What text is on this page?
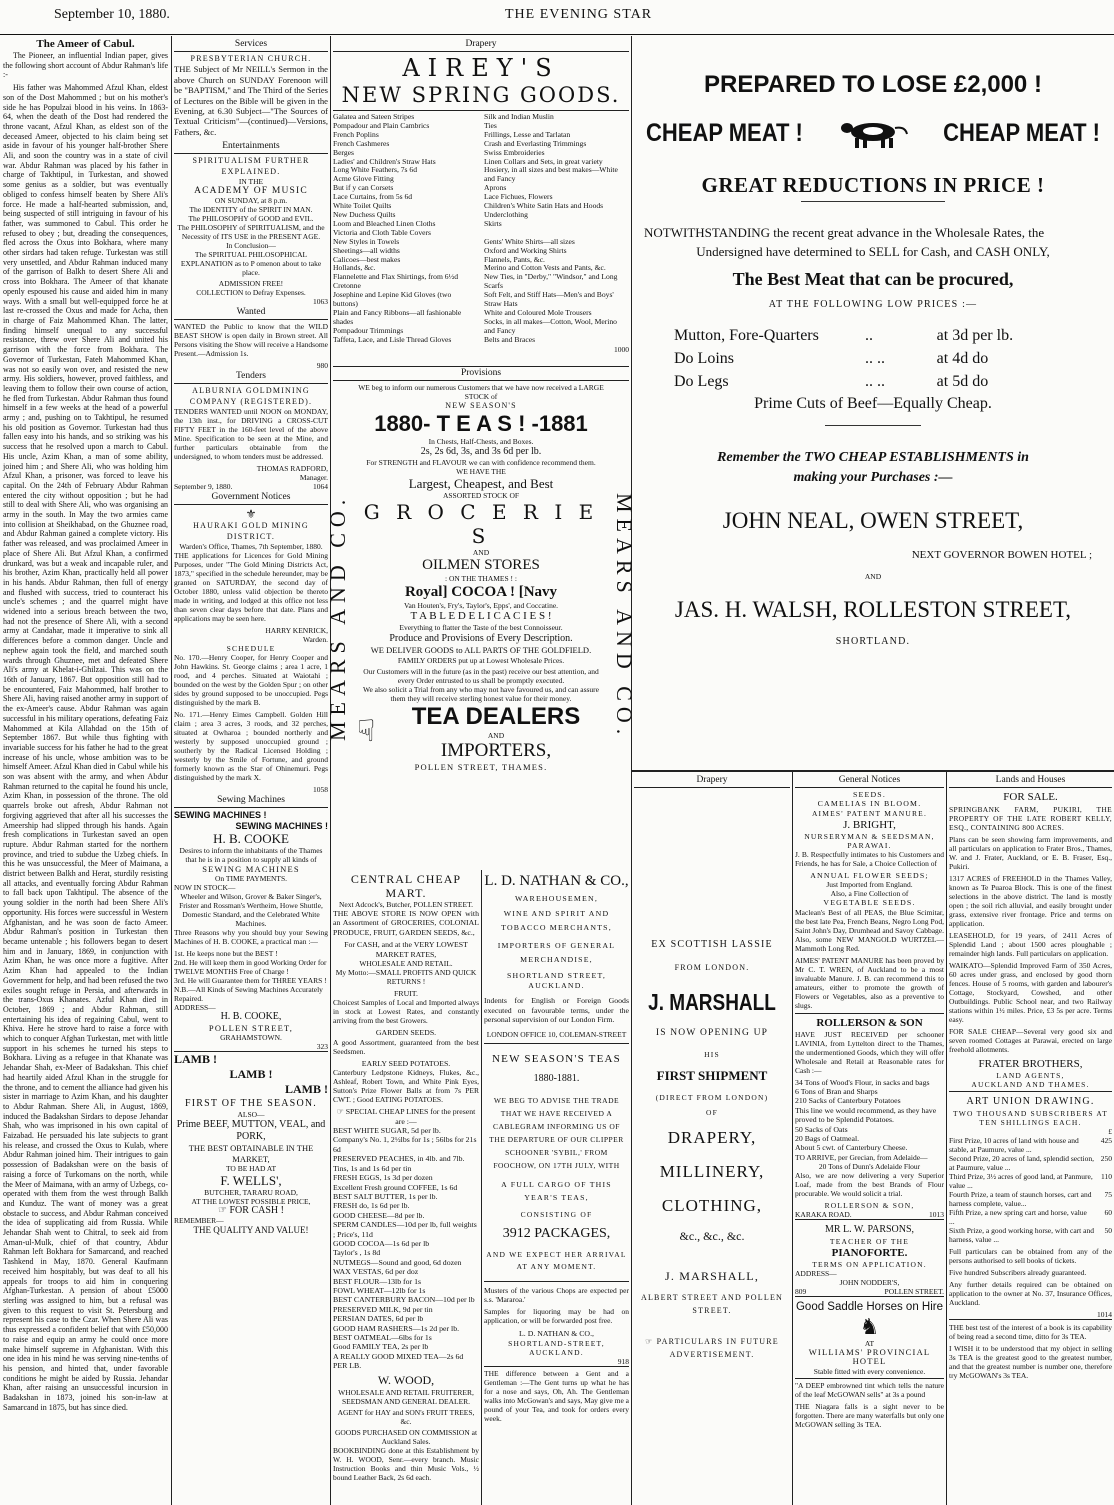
September 10, 1880.	THE EVENING STAR
The Ameer of Cabul.

The Pioneer, an influential Indian paper, gives the following short account of Abdur Rahman's life :-

His father was Mahommed Afzul Khan, eldest son of the Dost Mahommed ; but on his mother's side he has Populzai blood in his veins. In 1863-64, when the death of the Dost had rendered the throne vacant, Afzul Khan, as eldest son of the deceased Ameer, objected to his claim being set aside in favour of his younger half-brother Shere Ali, and soon the country was in a state of civil war. Abdur Rahman was placed by his father in charge of Takhtipul, in Turkestan, and showed some genius as a soldier, but was eventually obliged to confess himself beaten by Shere Ali's force. He made a half-hearted submission, and, being suspected of still intriguing in favour of his father, was summoned to Cabul. This order he refused to obey ; but, dreading the consequences, fled across the Oxus into Bokhara, where many other sirdars had taken refuge. Turkestan was still very unsettled, and Abdur Rahman induced many of the garrison of Balkh to desert Shere Ali and cross into Bokhara. The Ameer of that khanate openly espoused his cause and aided him in many ways. With a small but well-equipped force he at last re-crossed the Oxus and made for Acha, then in charge of Faiz Mahommed Khan. The latter, finding himself unequal to any successful resistance, threw over Shere Ali and united his garrison with the force from Bokhara. The Governor of Turkestan, Fateh Mahommed Khan, was not so easily won over, and resisted the new army. His soldiers, however, proved faithless, and leaving them to follow their own course of action, he fled from Turkestan. Abdur Rahman thus found himself in a few weeks at the head of a powerful army ; and, pushing on to Takhtipul, he resumed his old position as Governor. Turkestan had thus fallen easy into his hands, and so striking was his success that he resolved upon a march to Cabul. His uncle, Azim Khan, a man of some ability, joined him ; and Shere Ali, who was holding him Afzul Khan, a prisoner, was forced to leave his capital. On the 24th of February Abdur Rahman entered the city without opposition ; but he had still to deal with Shere Ali, who was organising an army in the south. In May the two armies came into collision at Sheikhabad, on the Ghuznee road, and Abdur Rahman gained a complete victory. His father was released, and was proclaimed Ameer in place of Shere Ali. But Afzul Khan, a confirmed drunkard, was but a weak and incapable ruler, and his brother, Azim Khan, practically held all power in his hands. Abdur Rahman, then full of energy and flushed with success, tried to counteract his uncle's schemes ; and the quarrel might have widened into a serious breach between the two, had not the presence of Shere Ali, with a second army at Candahar, made it imperative to sink all differences before a common danger. Uncle and nephew again took the field, and marched south wards through Ghuznee, met and defeated Shere Ali's army at Khelat-i-Ghilzai. This was on the 16th of January, 1867. But opposition still had to be encountered, Faiz Mahommed, half brother to Shere Ali, having raised another army in support of the ex-Ameer's cause. Abdur Rahman was again successful in his military operations, defeating Faiz Mahommed at Kila Allahdad on the 15th of September 1867. But while thus fighting with invariable success for his father he had to the great increase of his uncle, whose ambition was to be himself Ameer. Afzul Khan died in Cabul while his son was absent with the army, and when Abdur Rahman returned to the capital he found his uncle, Azim Khan, in possession of the throne. The old quarrels broke out afresh, Abdur Rahman not forgiving aggrieved that after all his successes the Ameership had slipped through his hands. Again fresh complications in Turkestan saved an open rupture. Abdur Rahman started for the northern province, and tried to subdue the Uzbeg chiefs. In this he was unsuccessful, the Meer of Maimana, a district between Balkh and Herat, sturdily resisting all attacks, and eventually forcing Abdur Rahman to fall back upon Takhtipul. The absence of the young soldier in the north had been Shere Ali's opportunity. His forces were successful in Western Afghanistan, and he was soon de facto Ameer. Abdur Rahman's position in Turkestan then became untenable ; his followers began to desert him and in January, 1869, in conjunction with Azim Khan, he was once more a fugitive. After Azim Khan had appealed to the Indian Government for help, and had been refused the two exiles sought refuge in Persia, and afterwards in the trans-Oxus Khanates. Azful Khan died in October, 1869 ; and Abdur Rahman, still entertaining his idea of regaining Cabul, went to Khiva. Here he strove hard to raise a force with which to conquer Afghan Turkestan, met with little support in his schemes he turned his steps to Bokhara. Living as a refugee in that Khanate was Jehandar Shah, ex-Meer of Badakshan. This chief had heartily aided Afzul Khan in the struggle for the throne, and to cement the alliance had given his sister in marriage to Azim Khan, and his daughter to Abdur Rahman. Shere Ali, in August, 1869, induced the Badakshan Sirdars to depose Jehandar Shah, who was imprisoned in his own capital of Faizabad. He persuaded his late subjects to grant his release, and crossed the Oxus to Kulab, where Abdur Rahman joined him. Their intrigues to gain possession of Badakshan were on the basis of raising a force of Turkomans on the north, while the Meer of Maimana, with an army of Uzbegs, co-operated with them from the west through Balkh and Kunduz. The want of money was a great obstacle to success, and Abdur Rahman conceived the idea of supplicating aid from Russia. While Jehandar Shah went to Chitral, to seek aid from Aman-ul-Mulk, chief of that country, Abdur Rahman left Bokhara for Samarcand, and reached Tashkend in May, 1870. General Kaufmann received him hospitably, but was deaf to all his appeals for troops to aid him in conquering Afghan-Turkestan. A pension of about £5000 sterling was assigned to him, but a refusal was given to this request to visit St. Petersburg and represent his case to the Czar. When Shere Ali was thus expressed a confident belief that with £50,000 to raise and equip an army he could once more make himself supreme in Afghanistan. With this one idea in his mind he was serving nine-tenths of his pension, and hinted that, under favorable conditions he might be aided by Russia. Jehandar Khan, after raising an unsuccessful incursion in Badakshan in 1873, joined his son-in-law at Samarcand in 1875, but has since died.

Services
PRESBYTERIAN CHURCH.

THE Subject of Mr NEILL's Sermon in the above Church on SUNDAY Forenoon will be "BAPTISM," and The Third of the Series of Lectures on the Bible will be given in the Evening, at 6.30 Subject—"The Sources of Textual Criticism"—(continued)—Versions, Fathers, &c.

Entertainments
SPIRITUALISM FURTHER EXPLAINED.
IN THE
ACADEMY OF MUSIC
ON SUNDAY, at 8 p.m.
The IDENTITY of the SPIRIT IN MAN.
The PHILOSOPHY of GOOD and EVIL.
The PHILOSOPHY of SPIRITUALISM, and the Necessity of ITS USE in the PRESENT AGE.
In Conclusion—
The SPIRITUAL PHILOSOPHICAL EXPLANATION as to P omenon about to take place.
ADMISSION FREE!
COLLECTION to Defray Expenses.
1063
Wanted

WANTED the Public to know that the WILD BEAST SHOW is open daily in Brown street. All Persons visiting the Show will receive a Handsome Present.—Admission 1s.

980
Tenders
ALBURNIA GOLDMINING COMPANY (REGISTERED).

TENDERS WANTED until NOON on MONDAY, the 13th inst., for DRIVING a CROSS-CUT FIFTY FEET in the 160-feet level of the above Mine. Specification to be seen at the Mine, and further particulars obtainable from the undersigned, to whom tenders must be addressed.

THOMAS RADFORD,
Manager.
September 9, 1880.	1064
Government Notices
⚜
HAURAKI GOLD MINING DISTRICT.
Warden's Office, Thames, 7th September, 1880.

THE applications for Licences for Gold Mining Purposes, under "The Gold Mining Districts Act, 1873," specified in the schedule hereunder, may be granted on SATURDAY, the second day of October 1880, unless valid objection be thereto made in writing, and lodged at this office not less than seven clear days before that date. Plans and applications may be seen here.

HARRY KENRICK,
Warden.
SCHEDULE

No. 170.—Henry Cooper, for Henry Cooper and John Hawkins. St. George claims ; area 1 acre, 1 rood, and 4 perches. Situated at Waiotahi ; bounded on the west by the Golden Spur ; on other sides by ground supposed to be unoccupied. Pegs distinguished by the mark B.

No. 171.—Henry Eimes Campbell. Golden Hill claim ; area 3 acres, 3 roods, and 32 perches, situated at Owharoa ; bounded northerly and westerly by supposed unoccupied ground ; southerly by the Radical Licensed Holding ; westerly by the Smile of Fortune, and ground formerly known as the Star of Ohinemuri. Pegs distinguished by the mark X.

1058
Sewing Machines
SEWING MACHINES !
SEWING MACHINES !
H. B. COOKE
Desires to inform the inhabitants of the Thames that he is in a position to supply all kinds of
SEWING MACHINES
On TIME PAYMENTS.
NOW IN STOCK—
Wheeler and Wilson, Grover & Baker Singer's, Frister and Rossman's Wertheim, Howe Shuttle, Domestic Standard, and the Celebrated White Machines.

Three Reasons why you should buy your Sewing Machines of H. B. COOKE, a practical man :—

1st. He keeps none but the BEST !
2nd. He will keep them in good Working Order for TWELVE MONTHS Free of Charge !
3rd. He will Guarantee them for THREE YEARS !
N.B.—All Kinds of Sewing Machines Accurately Repaired.
ADDRESS—
H. B. COOKE,
POLLEN STREET,
GRAHAMSTOWN.
323
LAMB !
LAMB !
LAMB !
FIRST OF THE SEASON.
ALSO—
Prime BEEF, MUTTON, VEAL, and PORK,
THE BEST OBTAINABLE IN THE MARKET,
TO BE HAD AT
F. WELLS',
BUTCHER, TARARU ROAD,
AT THE LOWEST POSSIBLE PRICE,
☞ FOR CASH !
REMEMBER—
THE QUALITY AND VALUE!
Drapery
AIREY'S
NEW SPRING GOODS.
Galatea and Sateen Stripes
Pompadour and Plain Cambrics
French Poplins
French Cashmeres
Berges
Ladies' and Children's Straw Hats
Long White Feathers, 7s 6d
Acme Glove Fitting
But if y can Corsets
Lace Curtains, from 5s 6d
White Toilet Quilts
New Duchess Quilts
Loom and Bleached Linen Cloths
Victoria and Cloth Table Covers
New Styles in Towels
Sheetings—all widths
Calicoes—best makes
Hollands, &c.
Flannelette and Flax Shirtings, from 6½d
Cretonne
Josephine and Lepine Kid Gloves (two buttons)
Plain and Fancy Ribbons—all fashionable shades
Pompadour Trimmings
Taffeta, Lace, and Lisle Thread Gloves
Silk and Indian Muslin
Ties
Frillings, Lesse and Tarlatan
Crash and Everlasting Trimmings
Swiss Embroideries
Linen Collars and Sets, in great variety
Hosiery, in all sizes and best makes—White and Fancy
Aprons
Lace Fichues, Flowers
Children's White Satin Hats and Hoods
Underclothing
Skirts

Gents' White Shirts—all sizes
Oxford and Working Shirts
Flannels, Pants, &c.
Merino and Cotton Vests and Pants, &c.
New Ties, in "Derby," "Windsor," and Long Scarfs
Soft Felt, and Stiff Hats—Men's and Boys'
Straw Hats
White and Coloured Mole Trousers
Socks, in all makes—Cotton, Wool, Merino and Fancy
Belts and Braces
1000
Provisions
MEARS AND CO.	MEARS AND CO.
WE beg to inform our numerous Customers that we have now received a LARGE STOCK of
NEW SEASON'S
1880- T E A S ! -1881
In Chests, Half-Chests, and Boxes.
2s, 2s 6d, 3s, and 3s 6d per lb.
For STRENGTH and FLAVOUR we can with confidence recommend them.
WE HAVE THE
Largest, Cheapest, and Best
ASSORTED STOCK OF
G R O C E R I E S
AND
OILMEN STORES
: ON THE THAMES ! :
Royal] COCOA ! [Navy
Van Houten's, Fry's, Taylor's, Epps', and Coccatine.
T A B L E D E L I C A C I E S !
Everything to flatter the Taste of the best Connoisseur.
Produce and Provisions of Every Description.
WE DELIVER GOODS to ALL PARTS OF THE GOLDFIELD.
FAMILY ORDERS put up at Lowest Wholesale Prices.
Our Customers will in the future (as in the past) receive our best attention, and every Order entrusted to us shall be promptly executed.
We also solicit a Trial from any who may not have favoured us, and can assure them they will receive sterling honest value for their money.
☟	TEA DEALERS
AND
IMPORTERS,
POLLEN STREET, THAMES.
CENTRAL CHEAP
MART.
Next Adcock's, Butcher, POLLEN STREET.

THE ABOVE STORE IS NOW OPEN with an Assortment of GROCERIES, COLONIAL PRODUCE, FRUIT, GARDEN SEEDS, &c.,

For CASH, and at the VERY LOWEST MARKET RATES,
WHOLESALE AND RETAIL.
My Motto:—SMALL PROFITS AND QUICK RETURNS !
FRUIT.

Choicest Samples of Local and Imported always in stock at Lowest Rates, and constantly arriving from the best Growers.

GARDEN SEEDS.

A good Assortment, guaranteed from the best Seedsmen.

EARLY SEED POTATOES.

Canterbury Ledpstone Kidneys, Flukes, &c., Ashleaf, Robert Town, and White Pink Eyes, Sutton's Prize Flower Balls at from 7s PER CWT. ; Good EATING POTATOES.

☞ SPECIAL CHEAP LINES for the present are :—
BEST WHITE SUGAR, 5d per lb.
Company's No. 1, 2½lbs for 1s ; 56lbs for 21s 6d
PRESERVED PEACHES, in 4lb. and 7lb. Tins, 1s and 1s 6d per tin
FRESH EGGS, 1s 3d per dozen
Excellent Fresh ground COFFEE, 1s 6d
BEST SALT BUTTER, 1s per lb.
FRESH do, 1s 6d per lb.
GOOD CHEESE—8d per lb.
SPERM CANDLES—10d per lb, full weights ; Price's, 11d
GOOD COCOA—1s 6d per lb
Taylor's , 1s 8d
NUTMEGS—Sound and good, 6d dozen
WAX VESTAS, 6d per doz
BEST FLOUR—13lb for 1s
FOWL WHEAT—12lb for 1s
BEST CANTERBURY BACON—10d per lb
PRESERVED MILK, 9d per tin
PERSIAN DATES, 6d per lb
GOOD HAM RASHERS—1s 2d per lb.
BEST OATMEAL—6lbs for 1s
Good FAMILY TEA, 2s per lb
A REALLY GOOD MIXED TEA—2s 6d PER LB.
W. WOOD,
WHOLESALE AND RETAIL FRUITERER, SEEDSMAN AND GENERAL DEALER.
AGENT for HAY and SON's FRUIT TREES, &c.
GOODS PURCHASED ON COMMISSION at Auckland Sales.

BOOKBINDING done at this Establishment by W. H. WOOD, Senr.—every branch. Music Instruction Books and thin Music Vols., ½ bound Leather Back, 2s 6d each.

L. D. NATHAN & CO.,
WAREHOUSEMEN,
WINE AND SPIRIT AND TOBACCO MERCHANTS,
IMPORTERS OF GENERAL MERCHANDISE,
SHORTLAND STREET, AUCKLAND.

Indents for English or Foreign Goods executed on favourable terms, under the personal supervision of our London Firm.

LONDON OFFICE 10, COLEMAN-STREET
NEW SEASON'S TEAS
1880-1881.
WE BEG TO ADVISE THE TRADE THAT WE HAVE RECEIVED A CABLEGRAM INFORMING US OF THE DEPARTURE OF OUR CLIPPER SCHOONER 'SYBIL,' FROM FOOCHOW, ON 17TH JULY, WITH
A FULL CARGO OF THIS YEAR'S TEAS,
CONSISTING OF
3912 PACKAGES,
AND WE EXPECT HER ARRIVAL AT ANY MOMENT.

Musters of the various Chops are expected per s.s. 'Mararoa.'

Samples for liquoring may be had on application, or will be forwarded post free.

L. D. NATHAN & CO.,
SHORTLAND-STREET, AUCKLAND.
918

THE difference between a Gent and a Gentleman :—The Gent turns up what he has for a nose and says, Oh, Ah. The Gentleman walks into McGowan's and says, May give me a pound of your Tea, and took for orders every week.

PREPARED TO LOSE £2,000 !
CHEAP MEAT !	CHEAP MEAT !
GREAT REDUCTIONS IN PRICE !
NOTWITHSTANDING the recent great advance in the Wholesale Rates, the
Undersigned have determined to SELL for Cash, and CASH ONLY,
The Best Meat that can be procured,
AT THE FOLLOWING LOW PRICES :—
Mutton, Fore-Quarters	..	at 3d per lb.
Do Loins	.. ..	at 4d do
Do Legs	.. ..	at 5d do
Prime Cuts of Beef—Equally Cheap.
Remember the TWO CHEAP ESTABLISHMENTS in
making your Purchases :—
JOHN NEAL, OWEN STREET,
NEXT GOVERNOR BOWEN HOTEL ;
AND
JAS. H. WALSH, ROLLESTON STREET,
SHORTLAND.
Drapery
EX SCOTTISH LASSIE
FROM LONDON.
J. MARSHALL
IS NOW OPENING UP
HIS
FIRST SHIPMENT
(DIRECT FROM LONDON)
OF
DRAPERY,
MILLINERY,
CLOTHING,
&c., &c., &c.
J. MARSHALL,
ALBERT STREET AND POLLEN STREET.
☞ PARTICULARS IN FUTURE ADVERTISEMENT.
General Notices
SEEDS.
CAMELIAS IN BLOOM.
AIMES' PATENT MANURE.
J. BRIGHT,
NURSERYMAN & SEEDSMAN,
PARAWAI.

J. B. Respectfully intimates to his Customers and Friends, he has for Sale, a Choice Collection of

ANNUAL FLOWER SEEDS;
Just Imported from England.
Also, a Fine Collection of
VEGETABLE SEEDS.

Maclean's Best of all PEAS, the Blue Scimitar, the best late Pea, French Beans, Negro Long Pod, Saint John's Day, Drumhead and Savoy Cabbage. Also, some NEW MANGOLD WURTZEL—Mammoth Long Red.

AIMES' PATENT MANURE has been proved by Mr C. T. WREN, of Auckland to be a most invaluable Manure. J. B. can recommend this to amateurs, either to promote the growth of Flowers or Vegetables, also as a preventive to slugs.

ROLLERSON & SON

HAVE JUST RECEIVED per schooner LAVINIA, from Lyttelton direct to the Thames, the undermentioned Goods, which they will offer Wholesale and Retail at Reasonable rates for Cash :—

34 Tons of Wood's Flour, in sacks and bags
6 Tons of Bran and Sharps
210 Sacks of Canterbury Potatoes
This line we would recommend, as they have proved to be Splendid Potatoes.
50 Sacks of Oats
20 Bags of Oatmeal.
About 5 cwt. of Canterbury Cheese.
TO ARRIVE, per Grecian, from Adelaide—
20 Tons of Dunn's Adelaide Flour

Also, we are now delivering a very Superior Loaf, made from the best Brands of Flour procurable. We would solicit a trial.

ROLLERSON & SON,
KARAKA ROAD.	1013
MR L. W. PARSONS,
TEACHER OF THE
PIANOFORTE.
TERMS ON APPLICATION.
ADDRESS—
JOHN NODDER'S,
809	POLLEN STREET.
Good Saddle Horses on Hire
♞
AT
WILLIAMS' PROVINCIAL HOTEL
Stable fitted with every convenience.

"A DEEP embrowned tint which tells the nature of the leaf McGOWAN sells" at 3s a pound

THE Niagara falls is a sight never to be forgotten. There are many waterfalls but only one McGOWAN selling 3s TEA.

Lands and Houses
FOR SALE.

SPRINGBANK FARM, PUKIRI, THE PROPERTY OF THE LATE ROBERT KELLY, ESQ., CONTAINING 800 ACRES.

Plans can be seen showing farm improvements, and all particulars on application to Frater Bros., Thames, W. and J. Frater, Auckland, or E. B. Fraser, Esq., Pukiri.

1317 ACRES of FREEHOLD in the Thames Valley, known as Te Puaroa Block. This is one of the finest selections in the above district. The land is mostly open ; the soil rich alluvial, and easily brought under grass, extensive river frontage. Price and terms on application.

LEASEHOLD, for 19 years, of 2411 Acres of Splendid Land ; about 1500 acres ploughable ; remainder high lands. Full particulars on application.

WAIKATO—Splendid Improved Farm of 350 Acres, 60 acres under grass, and enclosed by good thorn fences. House of 5 rooms, with garden and labourer's Cottage, Stockyard, Cowshed, and other Outbuildings. Public School near, and two Railway stations within 1½ miles. Price, £3 5s per acre. Terms easy.

FOR SALE CHEAP—Several very good six and seven roomed Cottages at Parawai, erected on large freehold allotments.

FRATER BROTHERS,
LAND AGENTS,
AUCKLAND AND THAMES.
ART UNION DRAWING.
TWO THOUSAND SUBSCRIBERS AT TEN SHILLINGS EACH.
£
First Prize, 10 acres of land with house and stable, at Paumure, value ...
425
Second Prize, 20 acres of land, splendid section, at Paumure, value ...
250
Third Prize, 3½ acres of good land, at Panmure, value ...
110
Fourth Prize, a team of staunch horses, cart and harness complete, value...
75
Fifth Prize, a new spring cart and horse, value ...
60
Sixth Prize, a good working horse, with cart and harness, value ...
50

Full particulars can be obtained from any of the persons authorised to sell books of tickets.

Five hundred Subscribers already guaranteed.

Any further details required can be obtained on application to the owner at No. 37, Insurance Offices, Auckland.

1014

THE best test of the interest of a book is its capability of being read a second time, ditto for 3s TEA.

I WISH it to be understood that my object in selling 3s TEA is the greatest good to the greatest number, and that the greatest number is number one, therefore try McGOWAN's 3s TEA.
